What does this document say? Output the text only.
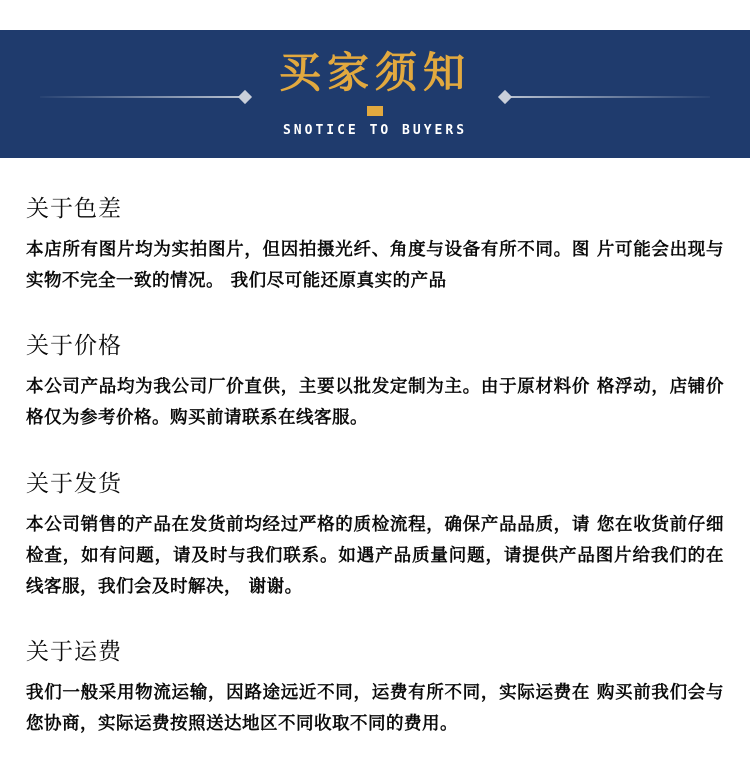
买家须知
SNOTICE TO BUYERS
关于色差
本店所有图片均为实拍图片，但因拍摄光纤、角度与设备有所不同。图 片可能会出现与实物不完全一致的情况。 我们尽可能还原真实的产品
关于价格
本公司产品均为我公司厂价直供，主要以批发定制为主。由于原材料价 格浮动，店铺价格仅为参考价格。购买前请联系在线客服。
关于发货
本公司销售的产品在发货前均经过严格的质检流程，确保产品品质，请 您在收货前仔细检查，如有问题，请及时与我们联系。如遇产品质量问题，请提供产品图片给我们的在线客服，我们会及时解决， 谢谢。
关于运费
我们一般采用物流运输，因路途远近不同，运费有所不同，实际运费在 购买前我们会与您协商，实际运费按照送达地区不同收取不同的费用。
